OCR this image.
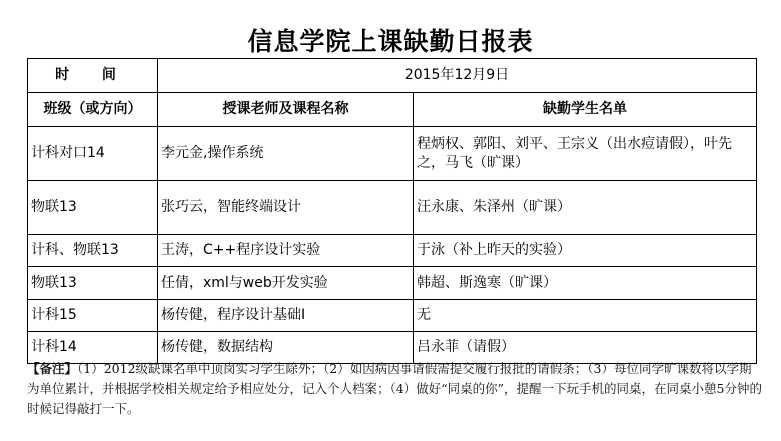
信息学院上课缺勤日报表
时 间	2015年12月9日	
班级（或方向）	授课老师及课程名称	缺勤学生名单
计科对口14	李元金,操作系统	程炳权、郭阳、刘平、王宗义（出水痘请假），叶先之，马飞（旷课）
物联13	张巧云，智能终端设计	汪永康、朱泽州（旷课）
计科、物联13	王涛，C++程序设计实验	于泳（补上昨天的实验）
物联13	任倩，xml与web开发实验	韩超、斯逸寒（旷课）
计科15	杨传健，程序设计基础I	无
计科14	杨传健，数据结构	吕永菲（请假）
【备注】（1）2012级缺课名单中顶岗实习学生除外；（2）如因病因事请假需提交履行报批的请假条；（3）每位同学旷课数将以学期为单位累计，并根据学校相关规定给予相应处分，记入个人档案；（4）做好“同桌的你”，提醒一下玩手机的同桌，在同桌小憩5分钟的时候记得敲打一下。
